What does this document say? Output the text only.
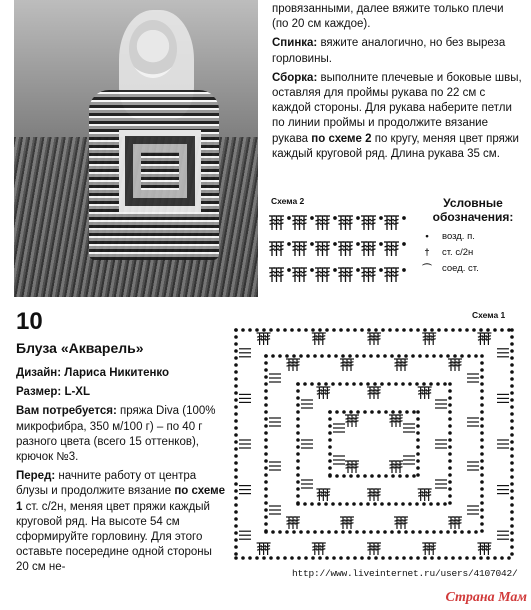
провязанными, далее вяжите только плечи (по 20 см каждое).

Спинка: вяжите аналогично, но без выреза горловины.

Сборка: выполните плечевые и боковые швы, оставляя для проймы рукава по 22 см с каждой стороны. Для рукава наберите петли по линии проймы и продолжите вязание рукава по схеме 2 по кругу, меняя цвет пряжи каждый круговой ряд. Длина рукава 35 см.

Схема 2	Условные обозначения:
•	возд. п.
†	ст. с/2н
⌒	соед. ст.
10
Блуза «Акварель»

Дизайн: Лариса Никитенко

Размер: L-XL

Вам потребуется: пряжа Diva (100% микрофибра, 350 м/100 г) – по 40 г разного цвета (всего 15 оттенков), крючок №3.

Перед: начните работу от центра блузы и продолжите вязание по схеме 1 ст. с/2н, меняя цвет пряжи каждый круговой ряд. На высоте 54 см сформируйте горловину. Для этого оставьте посередине одной стороны 20 см не-

Схема 1
http://www.liveinternet.ru/users/4107042/
Страна Мам
